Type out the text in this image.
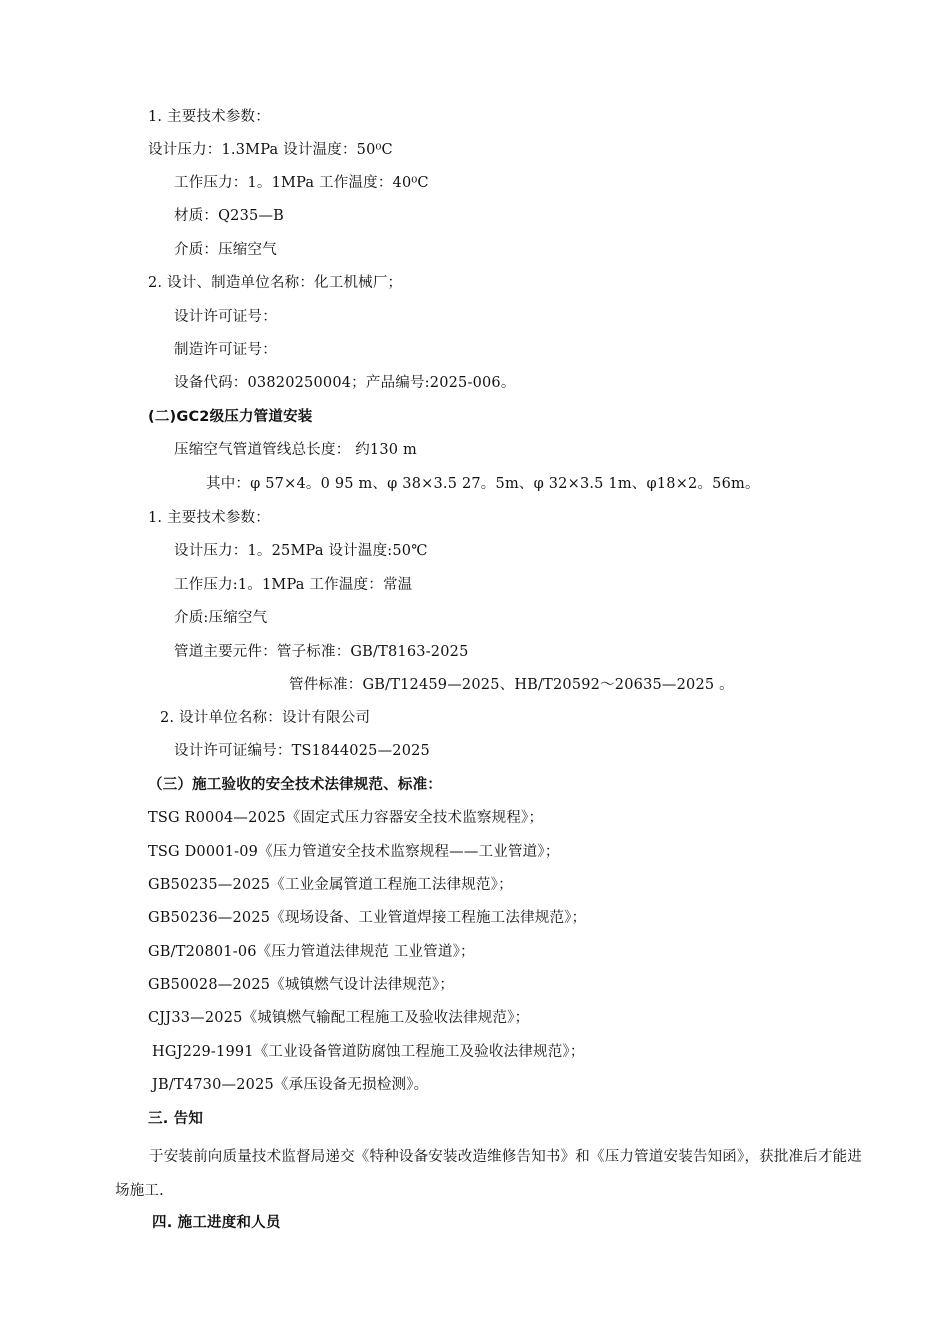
1. 主要技术参数：
设计压力：1.3MPa 设计温度：50⁰C
工作压力：1。1MPa 工作温度：40⁰C
材质：Q235—B
介质：压缩空气
2. 设计、制造单位名称：化工机械厂；
设计许可证号：
制造许可证号：
设备代码：03820250004；产品编号:2025-006。
(二)GC2级压力管道安装
压缩空气管道管线总长度： 约130 m
其中：φ 57×4。0 95 m、φ 38×3.5 27。5m、φ 32×3.5 1m、φ18×2。56m。
1. 主要技术参数：
设计压力：1。25MPa 设计温度:50℃
工作压力:1。1MPa 工作温度：常温
介质:压缩空气
管道主要元件：管子标准：GB/T8163-2025
管件标准：GB/T12459—2025、HB/T20592～20635—2025 。
2. 设计单位名称：设计有限公司
设计许可证编号：TS1844025—2025
（三）施工验收的安全技术法律规范、标准：
TSG R0004—2025《固定式压力容器安全技术监察规程》；
TSG D0001-09《压力管道安全技术监察规程——工业管道》；
GB50235—2025《工业金属管道工程施工法律规范》；
GB50236—2025《现场设备、工业管道焊接工程施工法律规范》；
GB/T20801-06《压力管道法律规范 工业管道》；
GB50028—2025《城镇燃气设计法律规范》；
CJJ33—2025《城镇燃气输配工程施工及验收法律规范》；
HGJ229-1991《工业设备管道防腐蚀工程施工及验收法律规范》；
JB/T4730—2025《承压设备无损检测》。
三. 告知
于安装前向质量技术监督局递交《特种设备安装改造维修告知书》和《压力管道安装告知函》，获批准后才能进场施工.
四. 施工进度和人员
